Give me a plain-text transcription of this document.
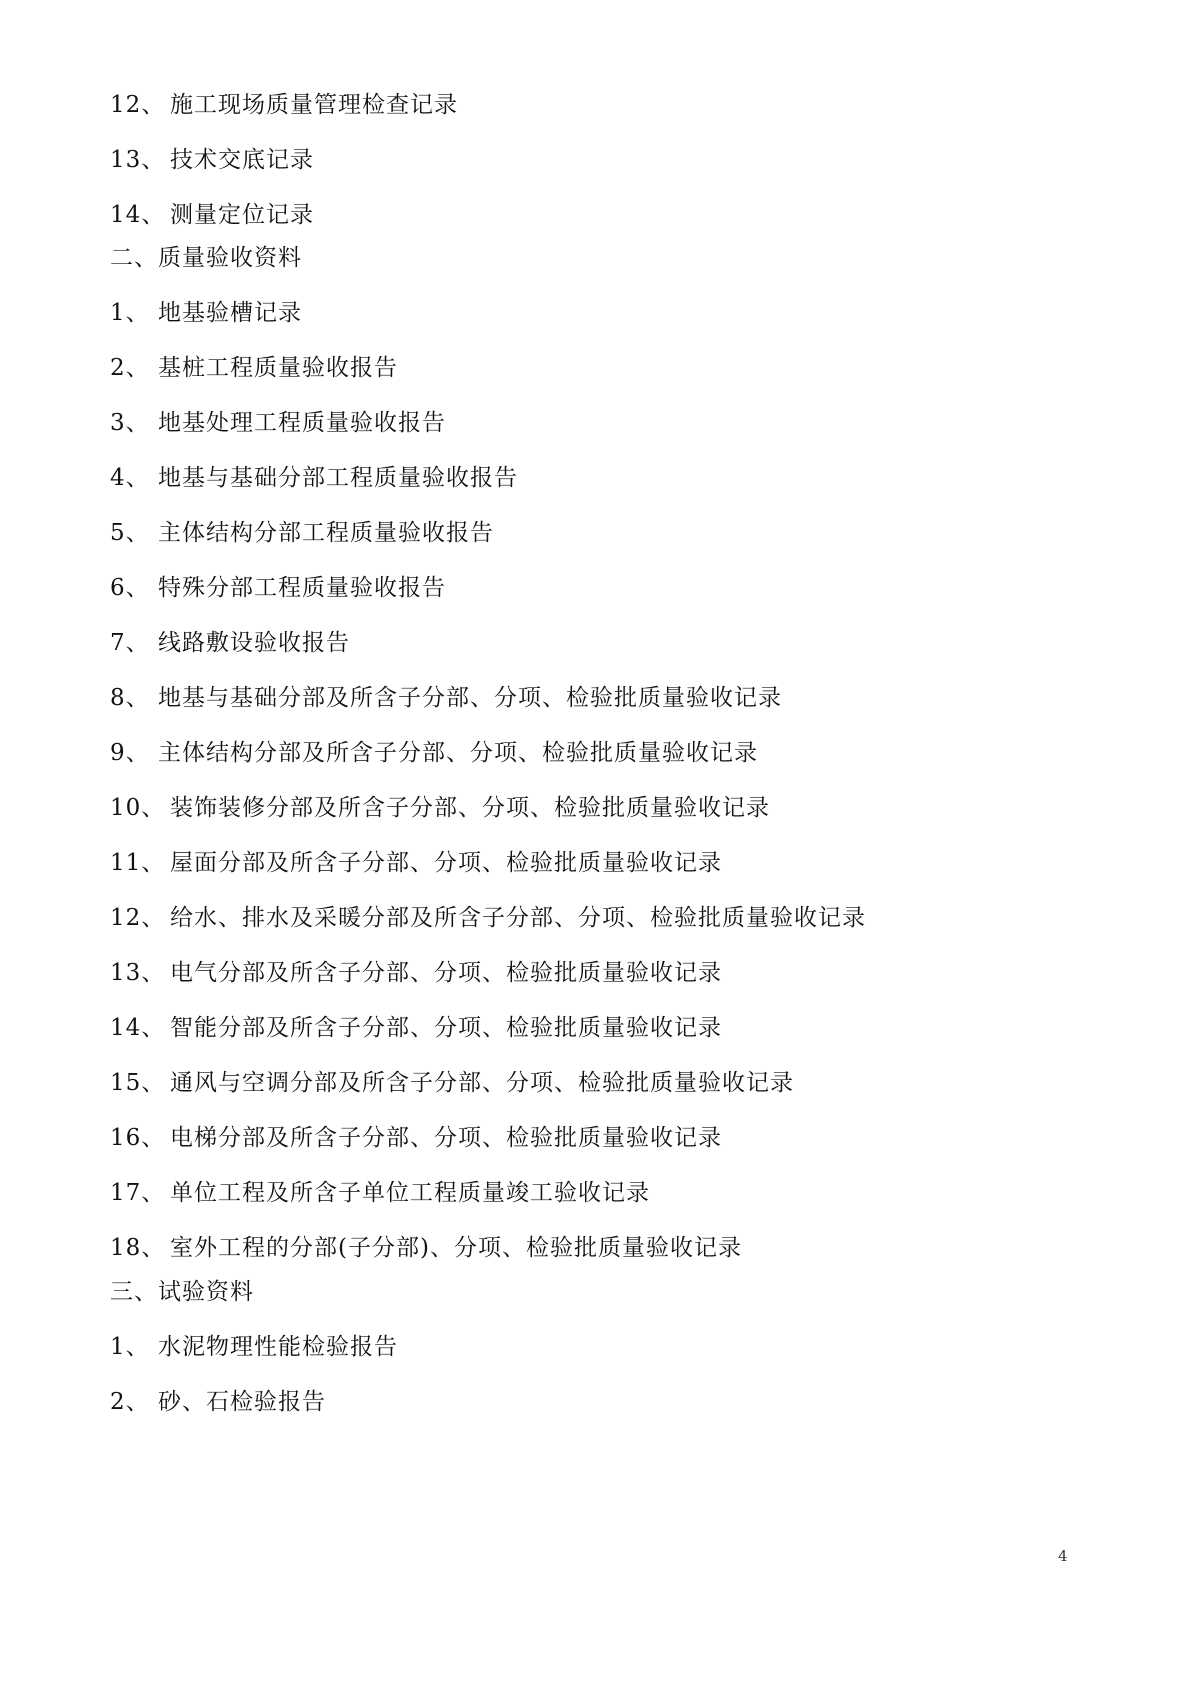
12、 施工现场质量管理检查记录
13、 技术交底记录
14、 测量定位记录
二、质量验收资料
1、 地基验槽记录
2、 基桩工程质量验收报告
3、 地基处理工程质量验收报告
4、 地基与基础分部工程质量验收报告
5、 主体结构分部工程质量验收报告
6、 特殊分部工程质量验收报告
7、 线路敷设验收报告
8、 地基与基础分部及所含子分部、分项、检验批质量验收记录
9、 主体结构分部及所含子分部、分项、检验批质量验收记录
10、 装饰装修分部及所含子分部、分项、检验批质量验收记录
11、 屋面分部及所含子分部、分项、检验批质量验收记录
12、 给水、排水及采暖分部及所含子分部、分项、检验批质量验收记录
13、 电气分部及所含子分部、分项、检验批质量验收记录
14、 智能分部及所含子分部、分项、检验批质量验收记录
15、 通风与空调分部及所含子分部、分项、检验批质量验收记录
16、 电梯分部及所含子分部、分项、检验批质量验收记录
17、 单位工程及所含子单位工程质量竣工验收记录
18、 室外工程的分部(子分部)、分项、检验批质量验收记录
三、试验资料
1、 水泥物理性能检验报告
2、 砂、石检验报告
4
